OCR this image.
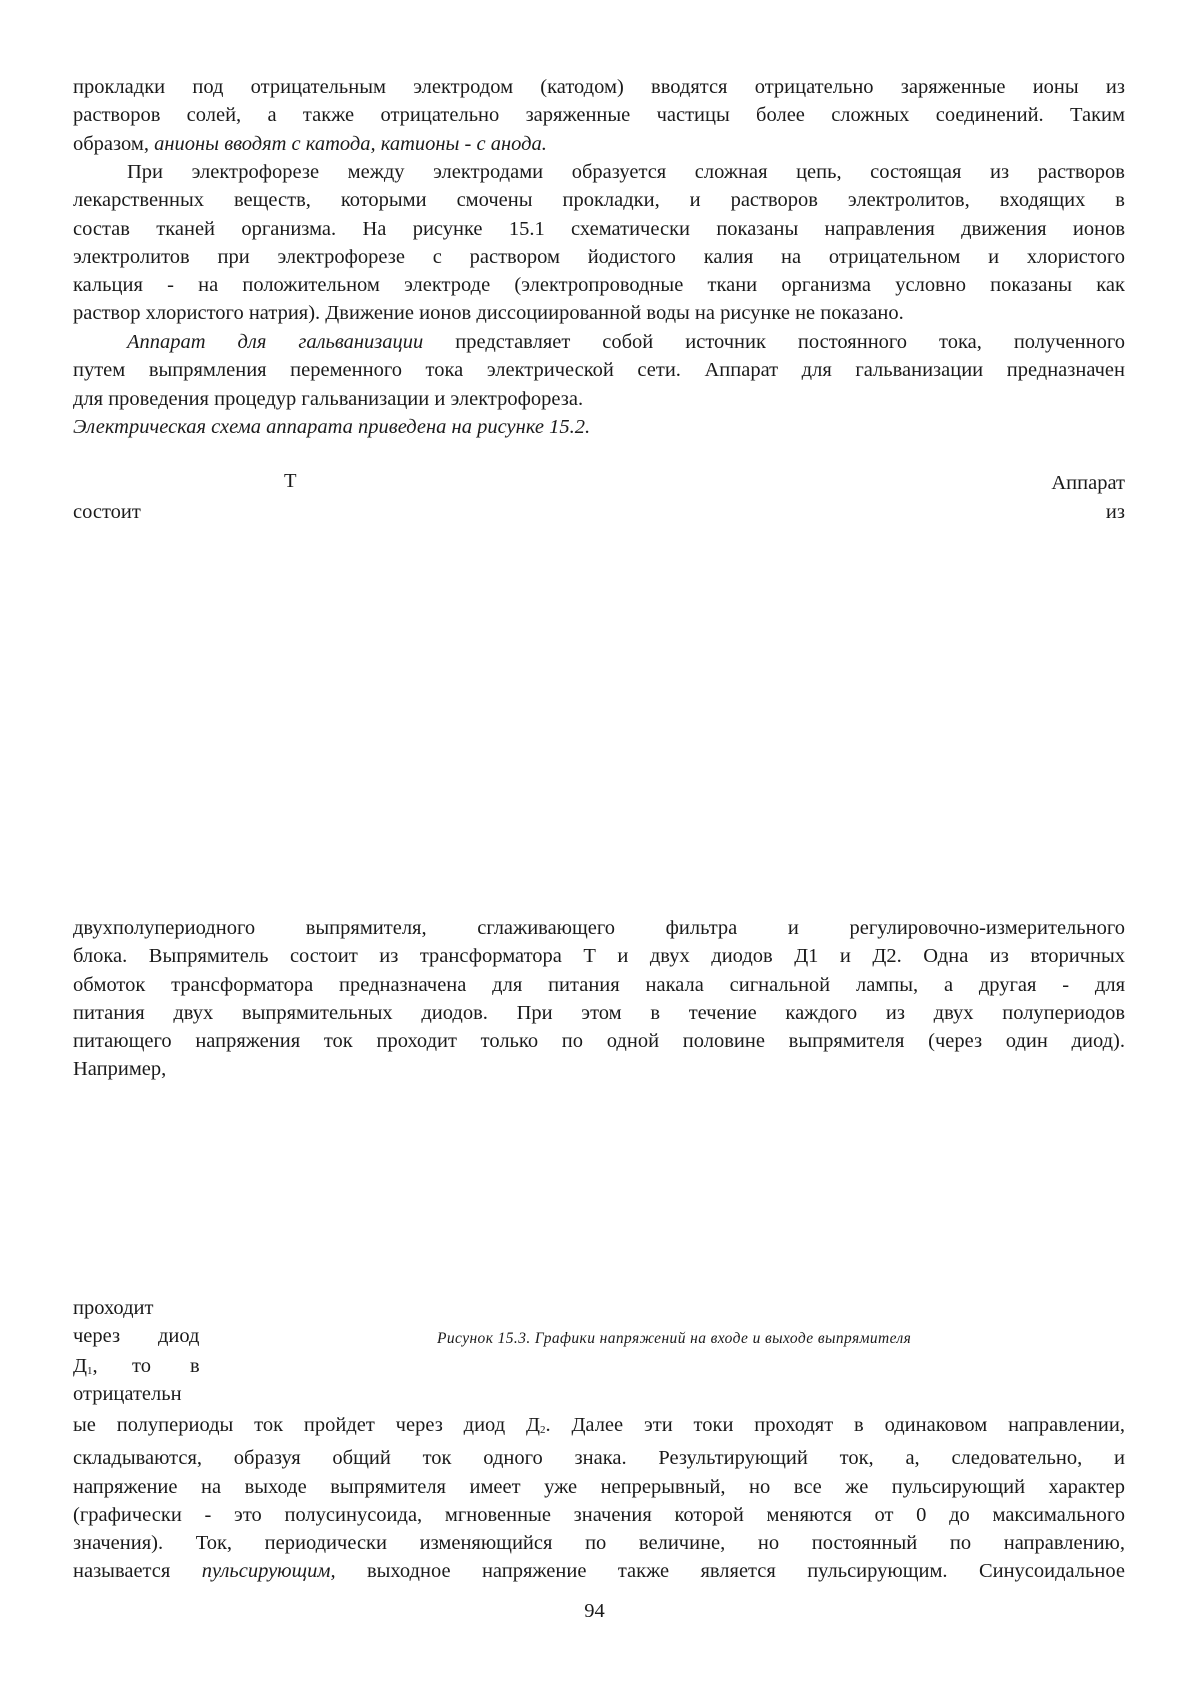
прокладки под отрицательным электродом (катодом) вводятся отрицательно заряженные ионы из
растворов солей, а также отрицательно заряженные частицы более сложных соединений. Таким
образом, анионы вводят с катода, катионы - с анода.
При электрофорезе между электродами образуется сложная цепь, состоящая из растворов
лекарственных веществ, которыми смочены прокладки, и растворов электролитов, входящих в
состав тканей организма. На рисунке 15.1 схематически показаны направления движения ионов
электролитов при электрофорезе с раствором йодистого калия на отрицательном и хлористого
кальция - на положительном электроде (электропроводные ткани организма условно показаны как
раствор хлористого натрия). Движение ионов диссоциированной воды на рисунке не показано.
Аппарат для гальванизации представляет собой источник постоянного тока, полученного
путем выпрямления переменного тока электрической сети. Аппарат для гальванизации предназначен
для проведения процедур гальванизации и электрофореза.
Электрическая схема аппарата приведена на рисунке 15.2.
Т	Аппарат
состоит	из
двухполупериодного выпрямителя, сглаживающего фильтра и регулировочно-измерительного
блока. Выпрямитель состоит из трансформатора Т и двух диодов Д1 и Д2. Одна из вторичных
обмоток трансформатора предназначена для питания накала сигнальной лампы, а другая - для
питания двух выпрямительных диодов. При этом в течение каждого из двух полупериодов
питающего напряжения ток проходит только по одной половине выпрямителя (через один диод).
Например,
проходит
через диод
Д1, то в
отрицательн
Рисунок 15.3. Графики напряжений на входе и выходе выпрямителя
ые полупериоды ток пройдет через диод Д2. Далее эти токи проходят в одинаковом направлении,
складываются, образуя общий ток одного знака. Результирующий ток, а, следовательно, и
напряжение на выходе выпрямителя имеет уже непрерывный, но все же пульсирующий характер
(графически - это полусинусоида, мгновенные значения которой меняются от 0 до максимального
значения). Ток, периодически изменяющийся по величине, но постоянный по направлению,
называется пульсирующим, выходное напряжение также является пульсирующим. Синусоидальное
94
